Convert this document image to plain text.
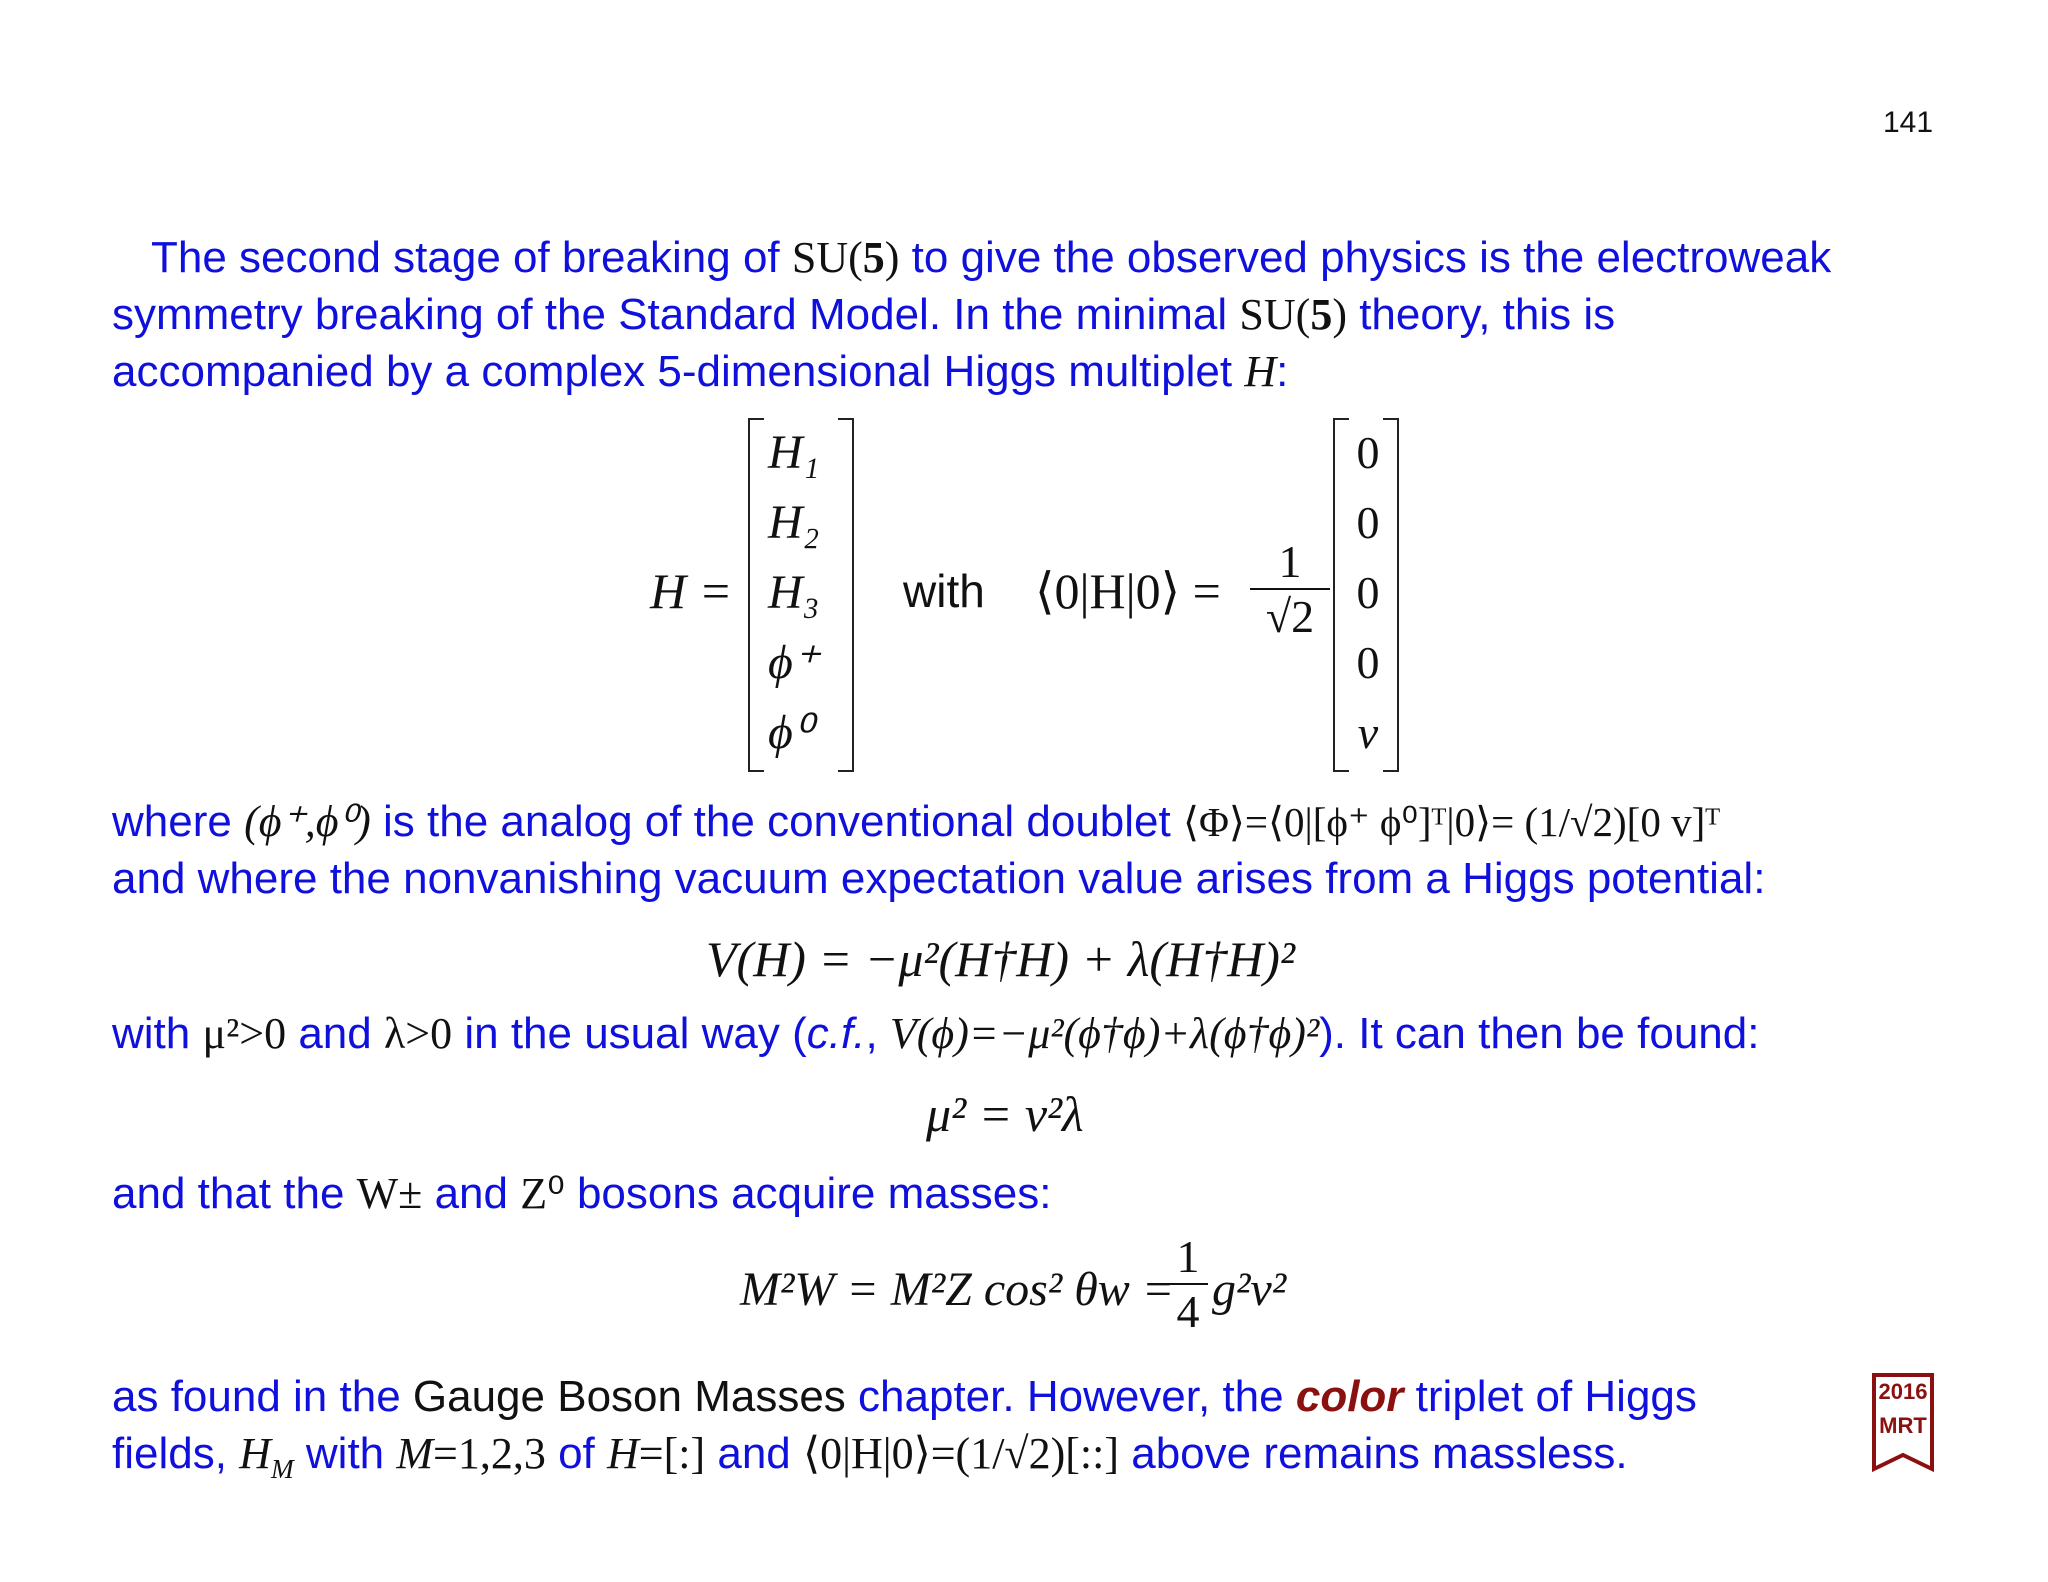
141
The second stage of breaking of SU(5) to give the observed physics is the electroweak
symmetry breaking of the Standard Model. In the minimal SU(5) theory, this is
accompanied by a complex 5-dimensional Higgs multiplet H:
H =
H₁
H₂
H₃
ϕ⁺
ϕ⁰
with ⟨0|H|0⟩ = $\frac{1}{√2}$
0
0
0
0
v
where (ϕ⁺,ϕ⁰) is the analog of the conventional doublet ⟨Φ⟩=⟨0|[ϕ⁺ ϕ⁰]ᵀ|0⟩= (1/√2)[0 v]ᵀ
and where the nonvanishing vacuum expectation value arises from a Higgs potential:
V(H) = −μ²(H†H) + λ(H†H)²
with μ²>0 and λ>0 in the usual way (c.f., V(ϕ)=−μ²(ϕ†ϕ)+λ(ϕ†ϕ)²). It can then be found:
μ² = v²λ
and that the W± and Z⁰ bosons acquire masses:
M²W = M²Z cos² θw =
$\frac{1}{4} g^2v^2$
as found in the Gauge Boson Masses chapter. However, the color triplet of Higgs
fields, $H_M$ with M=1,2,3 of H=[:] and ⟨0|H|0⟩=(1/√2)[::] above remains massless.
2016
MRT
